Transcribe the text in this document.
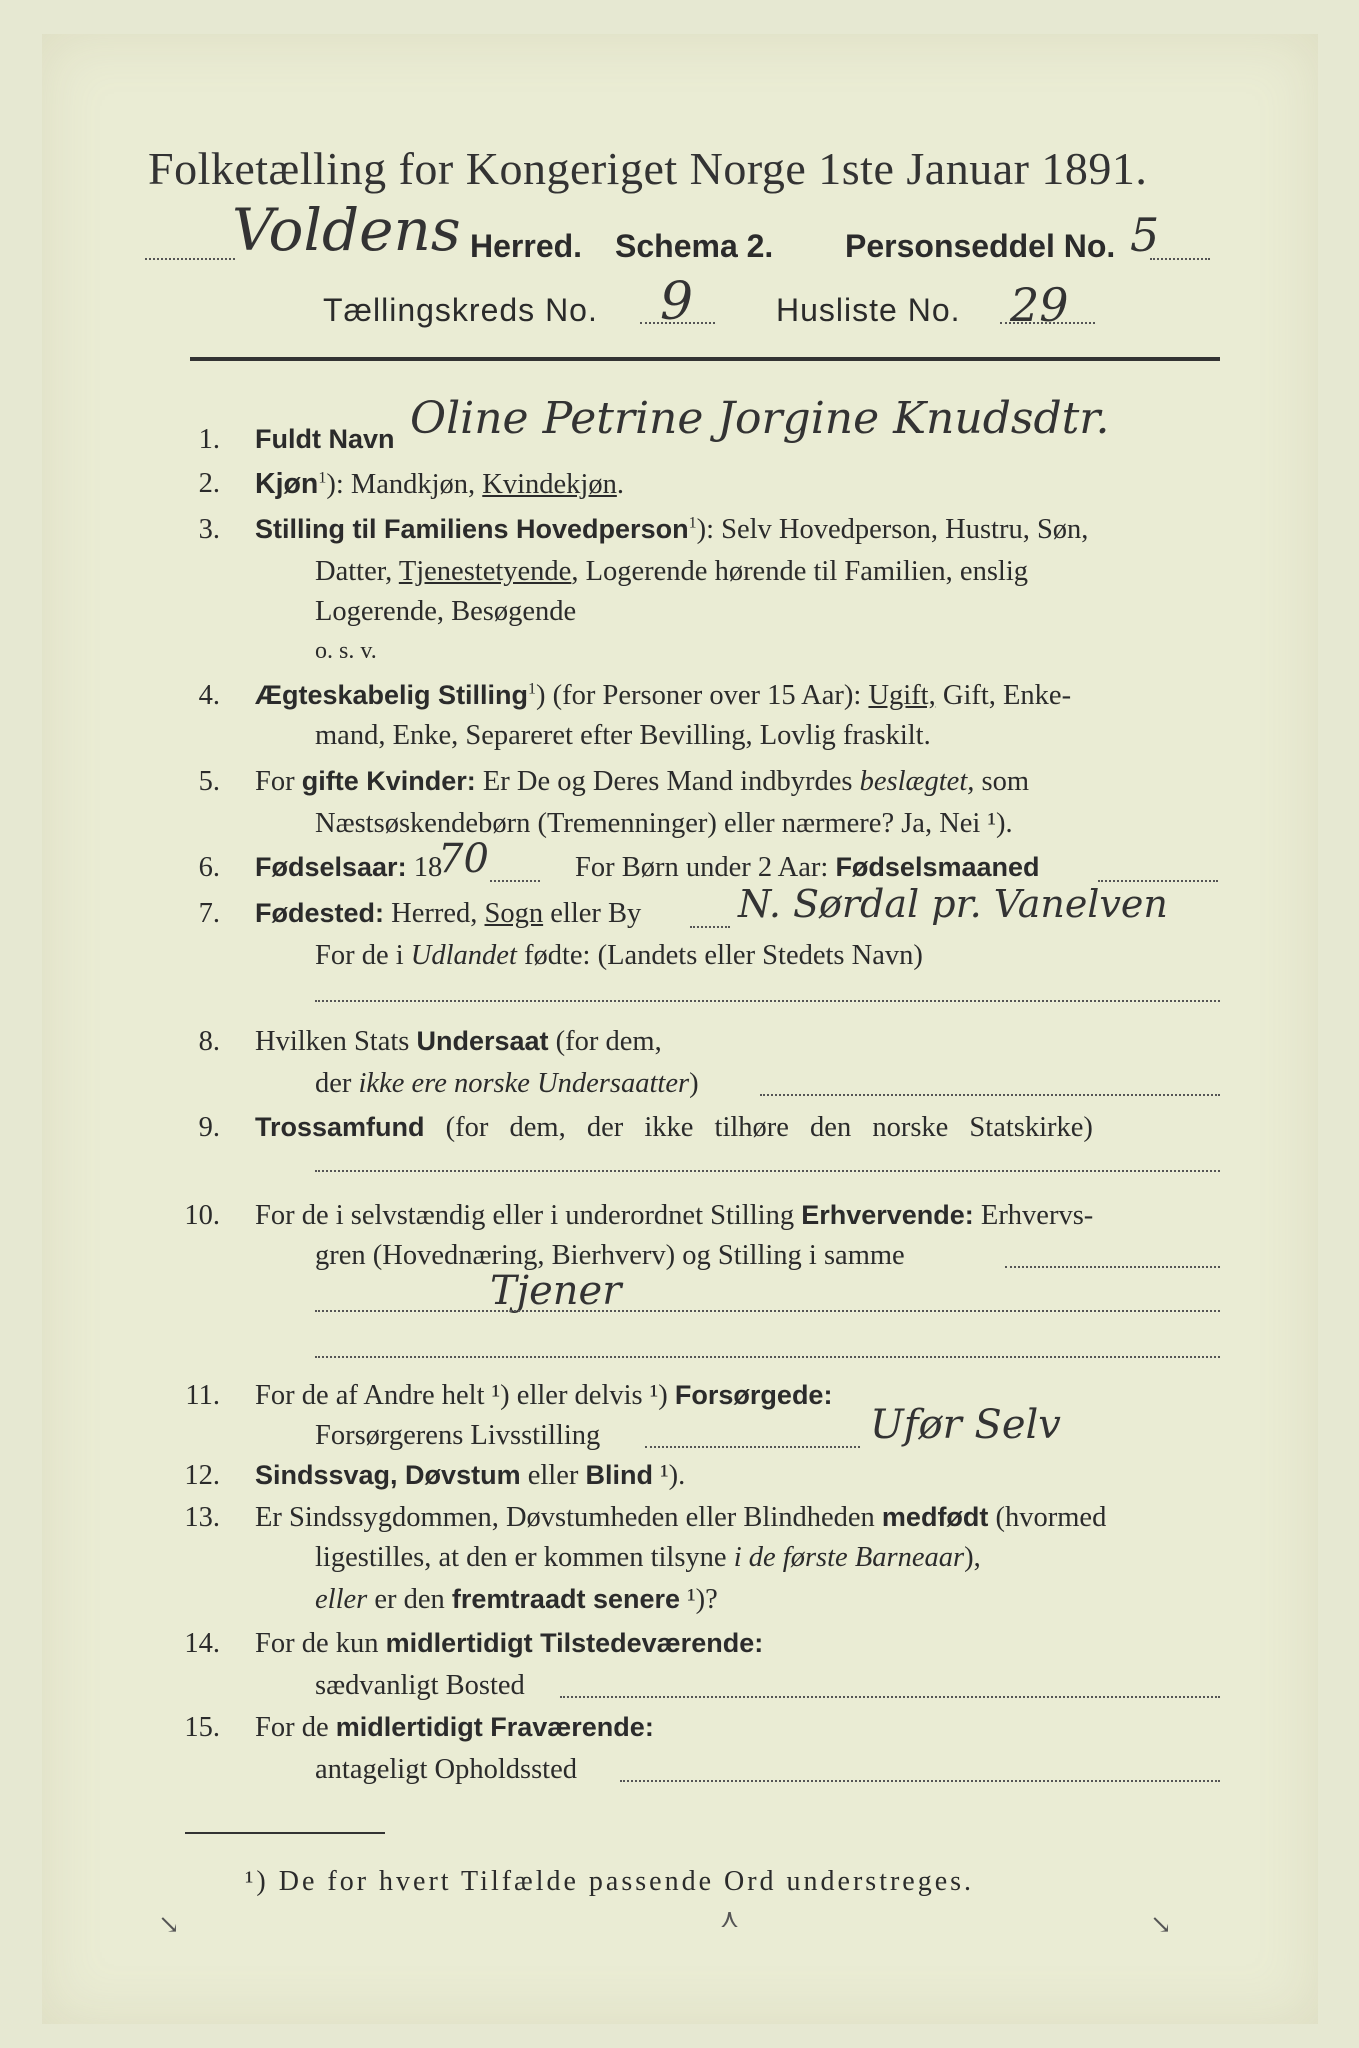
Folketælling for Kongeriget Norge 1ste Januar 1891.
Voldens Herred. Schema 2. Personseddel No. 5
Tællingskreds No. 9	Husliste No. 29
1. Fuldt Navn Oline Petrine Jorgine Knudsdtr.
2. Kjøn$^1$): Mandkjøn, Kvindekjøn.
3. Stilling til Familiens Hovedperson$^1$): Selv Hovedperson, Hustru, Søn,
Datter, Tjenestetyende, Logerende hørende til Familien, enslig
Logerende, Besøgende
o. s. v.
4. Ægteskabelig Stilling$^1$) (for Personer over 15 Aar): Ugift, Gift, Enke-
mand, Enke, Separeret efter Bevilling, Lovlig fraskilt.
5. For gifte Kvinder: Er De og Deres Mand indbyrdes beslægtet, som
Næstsøskendebørn (Tremenninger) eller nærmere? Ja, Nei ¹).
6. Fødselsaar: 18
70	For Børn under 2 Aar: Fødselsmaaned
7. Fødested: Herred, Sogn eller By	N. Sørdal pr. Vanelven
For de i Udlandet fødte: (Landets eller Stedets Navn)
8. Hvilken Stats Undersaat (for dem,
der ikke ere norske Undersaatter)
9. Trossamfund (for dem, der ikke tilhøre den norske Statskirke)
10. For de i selvstændig eller i underordnet Stilling Erhvervende: Erhvervs-
gren (Hovednæring, Bierhverv) og Stilling i samme
Tjener
11. For de af Andre helt ¹) eller delvis ¹) Forsørgede:
Forsørgerens Livsstilling	Ufør Selv
12. Sindssvag, Døvstum eller Blind ¹).
13. Er Sindssygdommen, Døvstumheden eller Blindheden medfødt (hvormed
ligestilles, at den er kommen tilsyne i de første Barneaar),
eller er den fremtraadt senere ¹)?
14. For de kun midlertidigt Tilstedeværende:
sædvanligt Bosted
15. For de midlertidigt Fraværende:
antageligt Opholdssted
¹) De for hvert Tilfælde passende Ord understreges.
↘	⋏	↘
